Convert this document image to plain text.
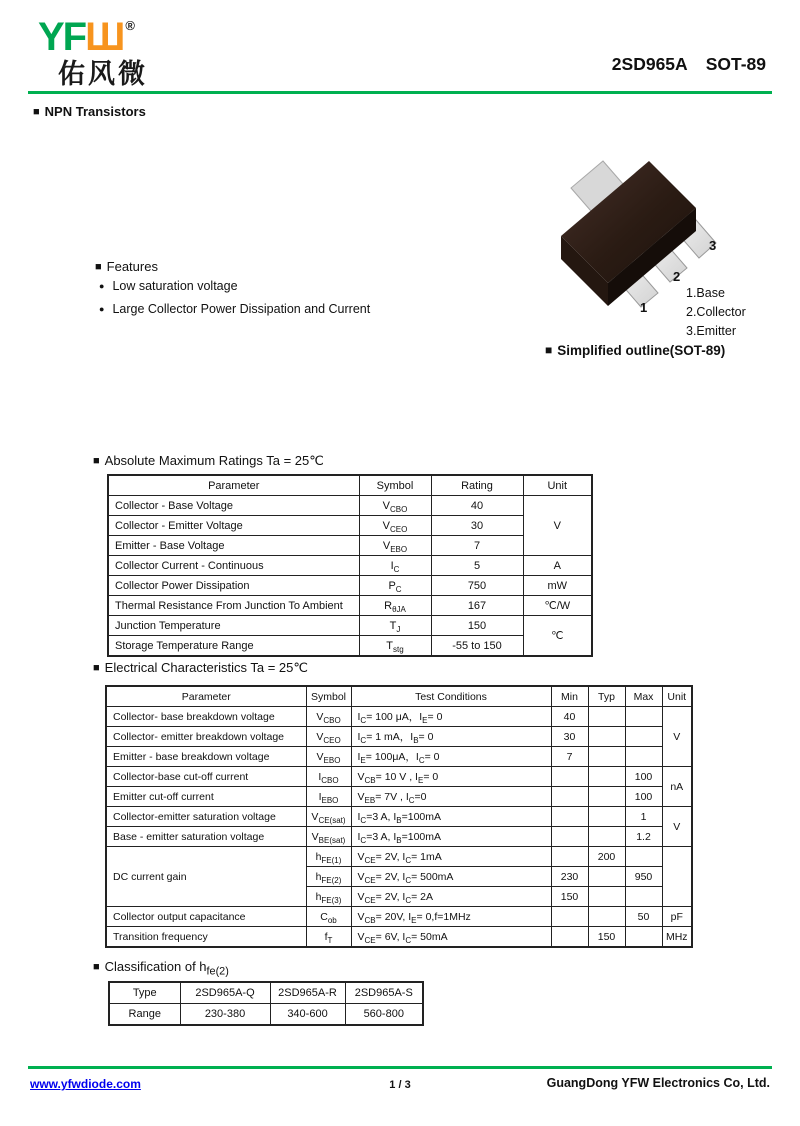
YFШ ®
佑风微	2SD965A SOT-89
■ NPN Transistors
■ Features
● Low saturation voltage
● Large Collector Power Dissipation and Current	1
2
3
1.Base
2.Collector
3.Emitter
■ Simplified outline(SOT-89)
■ Absolute Maximum Ratings Ta = 25℃
Parameter	Symbol	Rating	Unit
Collector - Base Voltage	$V_{CBO}$	40	V
Collector - Emitter Voltage	$V_{CEO}$	30	
Emitter - Base Voltage	$V_{EBO}$	7	
Collector Current - Continuous	$I_C$	5	A
Collector Power Dissipation	$P_C$	750	mW
Thermal Resistance From Junction To Ambient	$R_{\theta JA}$	167	℃/W
Junction Temperature	$T_J$	150	℃
Storage Temperature Range	$T_{stg}$	-55 to 150	
■ Electrical Characteristics Ta = 25℃
Parameter	Symbol	Test Conditions	Min	Typ	Max	Unit
Collector- base breakdown voltage	$V_{CBO}$	$I_C= 100$ μA，$I_E= 0$	40			V
Collector- emitter breakdown voltage	$V_{CEO}$	$I_C= 1$ mA，$I_B= 0$	30			
Emitter - base breakdown voltage	$V_{EBO}$	$I_E= 100\mu A$，$I_C= 0$	7			
Collector-base cut-off current	$I_{CBO}$	$V_{CB}= 10$ V , $I_E= 0$			100	nA
Emitter cut-off current	$I_{EBO}$	$V_{EB}= 7V$ , $I_C=0$			100	
Collector-emitter saturation voltage	$V_{CE(sat)}$	$I_C=3$ A, $I_B=100mA$			1	V
Base - emitter saturation voltage	$V_{BE(sat)}$	$I_C=3$ A, $I_B=100mA$			1.2	
DC current gain	$h_{FE(1)}$	$V_{CE}= 2V$, $I_C= 1mA$		200		
	$h_{FE(2)}$	$V_{CE}= 2V$, $I_C= 500mA$	230		950	
	$h_{FE(3)}$	$V_{CE}= 2V$, $I_C= 2A$	150			
Collector output capacitance	$C_{ob}$	$V_{CB}= 20V$, $I_E= 0,f=1MHz$			50	pF
Transition frequency	$f_T$	$V_{CE}= 6V$, $I_C= 50mA$		150		MHz
■ Classification of $h_{fe(2)}$
Type	2SD965A-Q	2SD965A-R	2SD965A-S
Range	230-380	340-600	560-800
www.yfwdiode.com	1 / 3	GuangDong YFW Electronics Co, Ltd.
